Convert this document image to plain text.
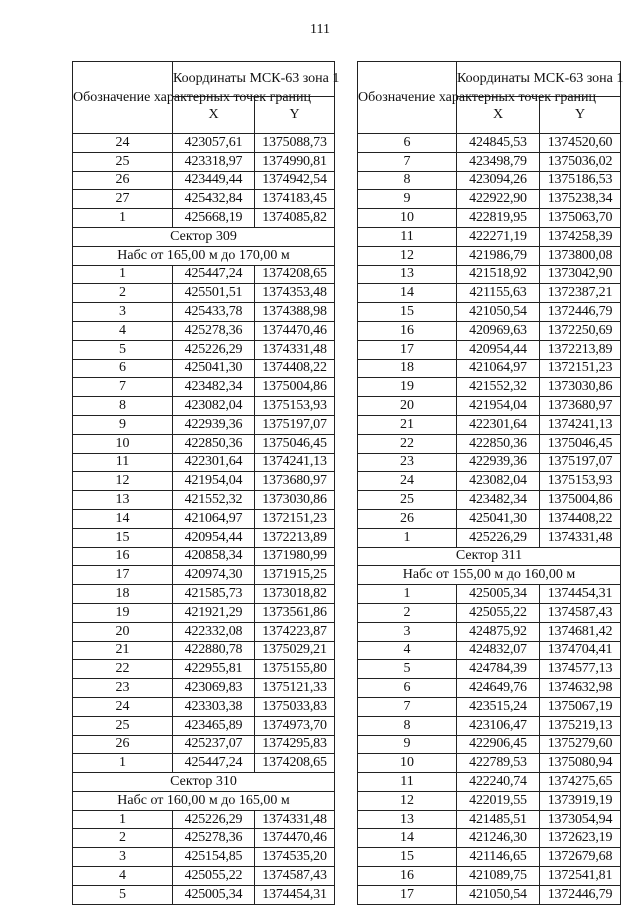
111
Обозначение характерных точек границ	Координаты МСК-63 зона 1	
	X	Y
24	423057,61	1375088,73
25	423318,97	1374990,81
26	423449,44	1374942,54
27	425432,84	1374183,45
1	425668,19	1374085,82
Сектор 309		
Набс от 165,00 м до 170,00 м		
1	425447,24	1374208,65
2	425501,51	1374353,48
3	425433,78	1374388,98
4	425278,36	1374470,46
5	425226,29	1374331,48
6	425041,30	1374408,22
7	423482,34	1375004,86
8	423082,04	1375153,93
9	422939,36	1375197,07
10	422850,36	1375046,45
11	422301,64	1374241,13
12	421954,04	1373680,97
13	421552,32	1373030,86
14	421064,97	1372151,23
15	420954,44	1372213,89
16	420858,34	1371980,99
17	420974,30	1371915,25
18	421585,73	1373018,82
19	421921,29	1373561,86
20	422332,08	1374223,87
21	422880,78	1375029,21
22	422955,81	1375155,80
23	423069,83	1375121,33
24	423303,38	1375033,83
25	423465,89	1374973,70
26	425237,07	1374295,83
1	425447,24	1374208,65
Сектор 310		
Набс от 160,00 м до 165,00 м		
1	425226,29	1374331,48
2	425278,36	1374470,46
3	425154,85	1374535,20
4	425055,22	1374587,43
5	425005,34	1374454,31
Обозначение характерных точек границ	Координаты МСК-63 зона 1	
	X	Y
6	424845,53	1374520,60
7	423498,79	1375036,02
8	423094,26	1375186,53
9	422922,90	1375238,34
10	422819,95	1375063,70
11	422271,19	1374258,39
12	421986,79	1373800,08
13	421518,92	1373042,90
14	421155,63	1372387,21
15	421050,54	1372446,79
16	420969,63	1372250,69
17	420954,44	1372213,89
18	421064,97	1372151,23
19	421552,32	1373030,86
20	421954,04	1373680,97
21	422301,64	1374241,13
22	422850,36	1375046,45
23	422939,36	1375197,07
24	423082,04	1375153,93
25	423482,34	1375004,86
26	425041,30	1374408,22
1	425226,29	1374331,48
Сектор 311		
Набс от 155,00 м до 160,00 м		
1	425005,34	1374454,31
2	425055,22	1374587,43
3	424875,92	1374681,42
4	424832,07	1374704,41
5	424784,39	1374577,13
6	424649,76	1374632,98
7	423515,24	1375067,19
8	423106,47	1375219,13
9	422906,45	1375279,60
10	422789,53	1375080,94
11	422240,74	1374275,65
12	422019,55	1373919,19
13	421485,51	1373054,94
14	421246,30	1372623,19
15	421146,65	1372679,68
16	421089,75	1372541,81
17	421050,54	1372446,79
